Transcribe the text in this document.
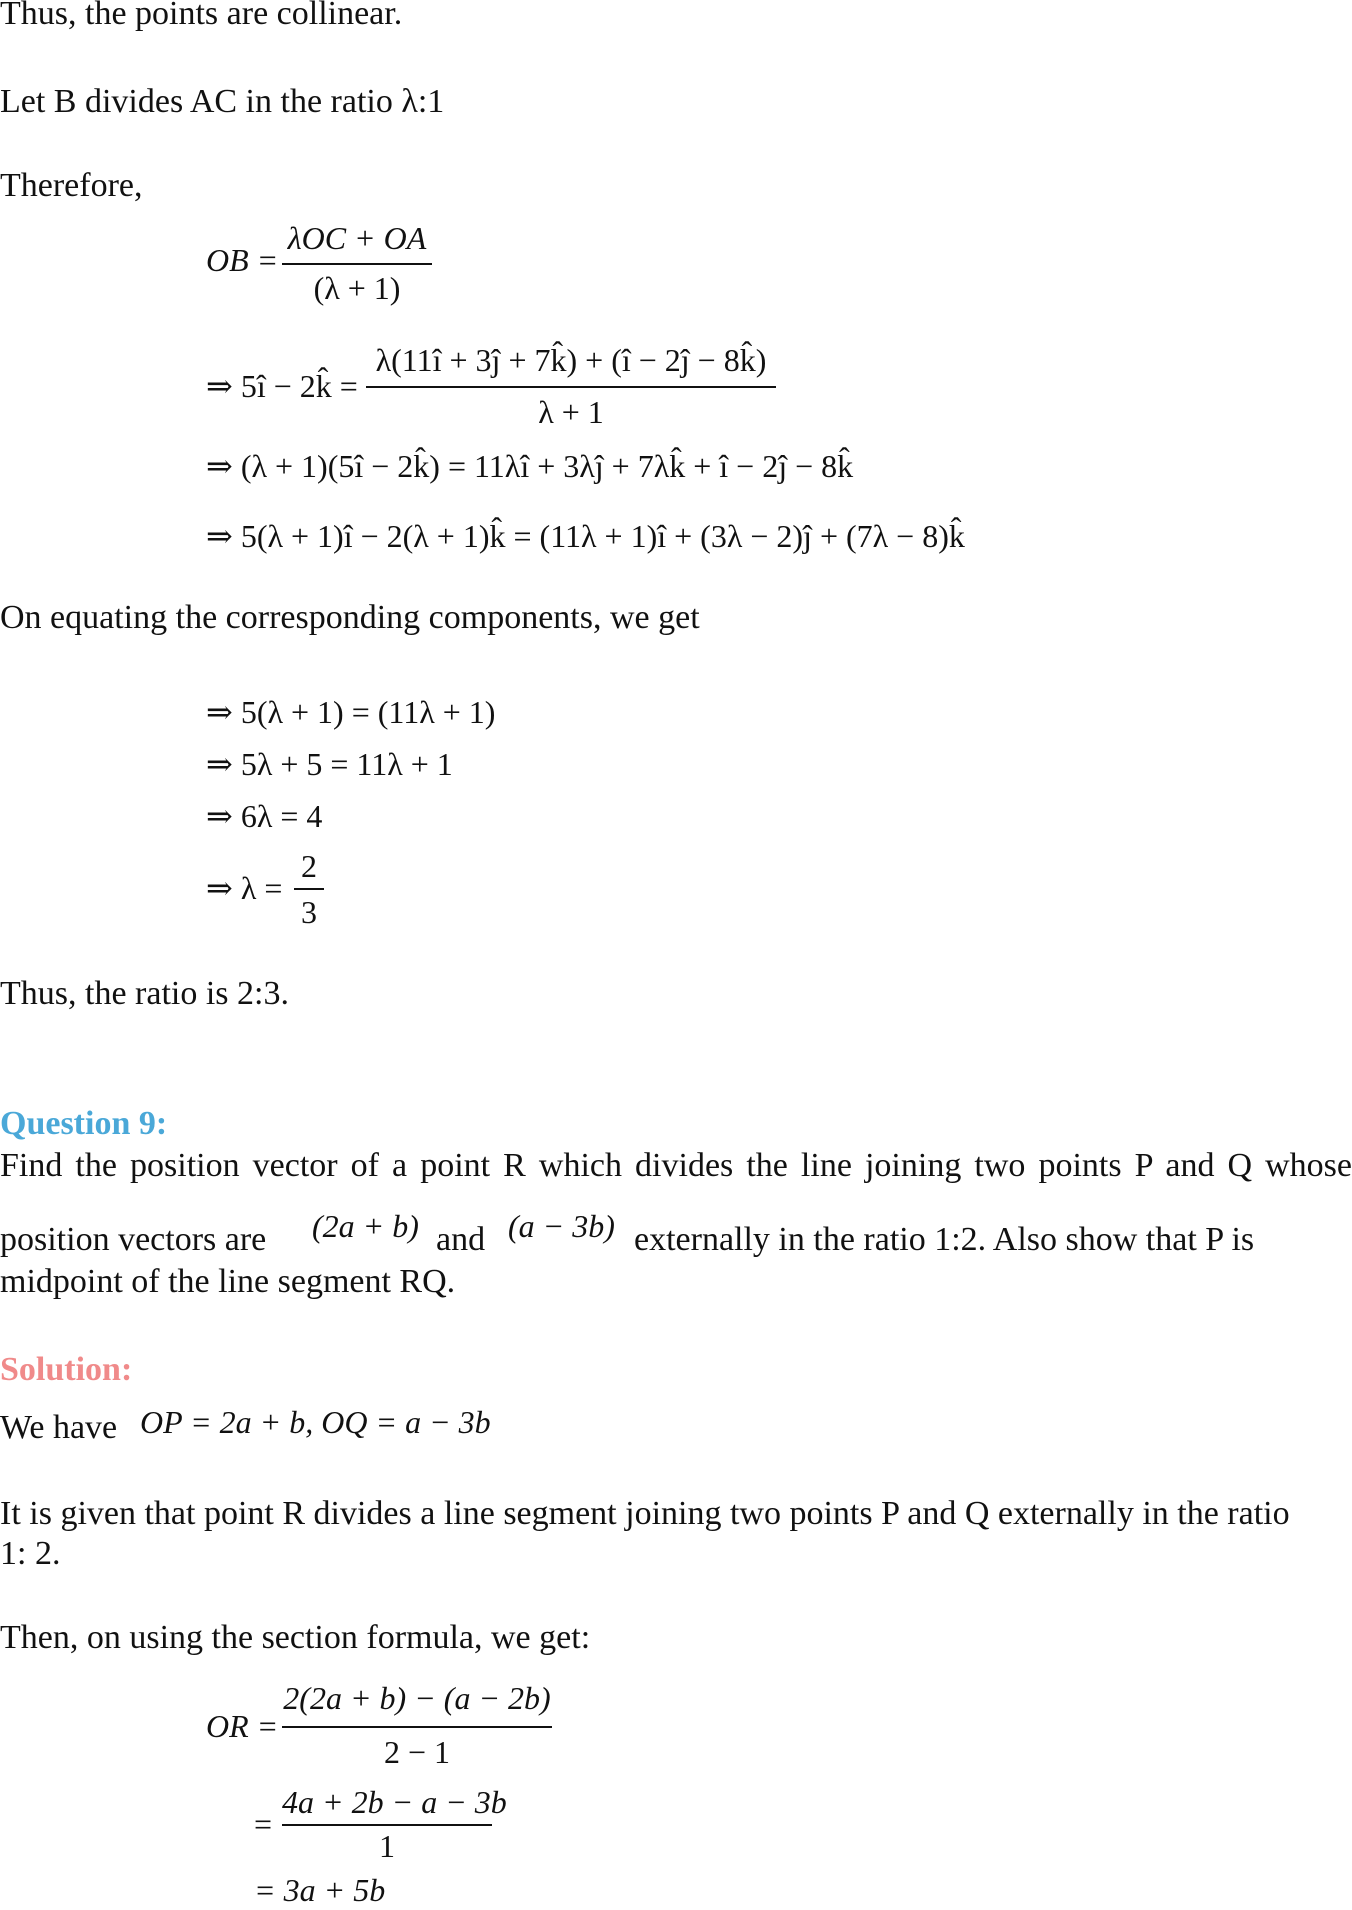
Thus, the points are collinear.
Let B divides AC in the ratio λ:1
Therefore,
OB =
λOC + OA
(λ + 1)
⇒ 5î − 2k̂ =
λ(11î + 3ĵ + 7k̂) + (î − 2ĵ − 8k̂)
λ + 1
⇒ (λ + 1)(5î − 2k̂) = 11λî + 3λĵ + 7λk̂ + î − 2ĵ − 8k̂
⇒ 5(λ + 1)î − 2(λ + 1)k̂ = (11λ + 1)î + (3λ − 2)ĵ + (7λ − 8)k̂
On equating the corresponding components, we get
⇒ 5(λ + 1) = (11λ + 1)
⇒ 5λ + 5 = 11λ + 1
⇒ 6λ = 4
⇒ λ =
2
3
Thus, the ratio is 2:3.
Question 9:
Find the position vector of a point R which divides the line joining two points P and Q whose
position vectors are (2a + b) and (a − 3b) externally in the ratio 1:2. Also show that P is
midpoint of the line segment RQ.
Solution:
We have OP = 2a + b, OQ = a − 3b
It is given that point R divides a line segment joining two points P and Q externally in the ratio
1: 2.
Then, on using the section formula, we get:
OR =
2(2a + b) − (a − 2b)
2 − 1
=
4a + 2b − a − 3b
1
= 3a + 5b
